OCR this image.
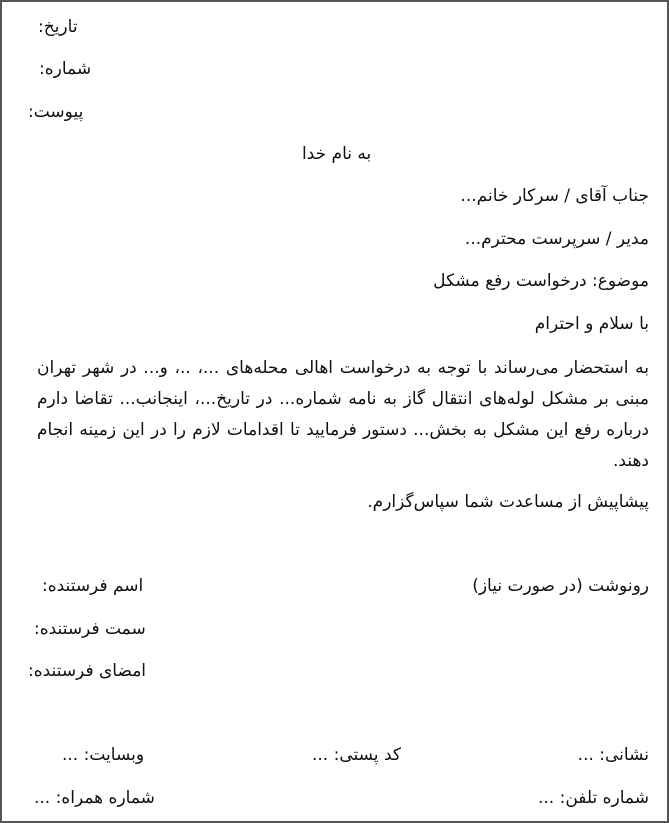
تاریخ:
شماره:
پیوست:
به نام خدا
جناب آقای / سرکار خانم...
مدیر / سرپرست محترم...
موضوع: درخواست رفع مشکل
با سلام و احترام
به استحضار می‌رساند با توجه به درخواست اهالی محله‌های ...، ..، و... در شهر تهران مبنی بر مشکل لوله‌های انتقال گاز به نامه شماره... در تاریخ...، اینجانب... تقاضا دارم درباره رفع این مشکل به بخش... دستور فرمایید تا اقدامات لازم را در این زمینه انجام دهند.
پیشاپیش از مساعدت شما سپاس‌گزارم.
رونوشت (در صورت نیاز)
اسم فرستنده:
سمت فرستنده:
امضای فرستنده:
نشانی: ...
کد پستی: ...
وبسایت: ...
شماره تلفن: ...
شماره همراه: ...
